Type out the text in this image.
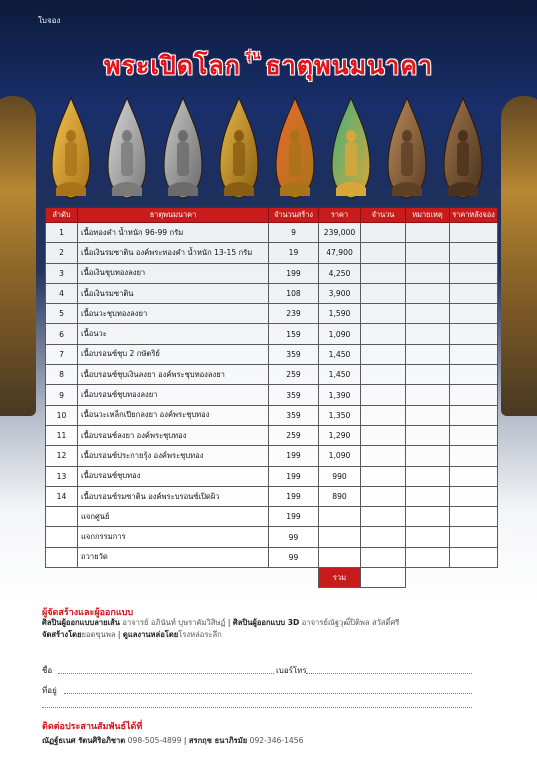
ใบจอง
พระเปิดโลก $^{รุ่น}$ ธาตุพนมนาคา
ลำดับ	ธาตุพนมนาคา	จำนวนสร้าง	ราคา	จำนวน	หมายเหตุ	ราคาหลังจอง
1	เนื้อทองคำ น้ำหนัก 96-99 กรัม	9	239,000			
2	เนื้อเงินรมซาติน องค์พระทองคำ น้ำหนัก 13-15 กรัม	19	47,900			
3	เนื้อเงินชุบทองลงยา	199	4,250			
4	เนื้อเงินรมซาติน	108	3,900			
5	เนื้อนวะชุบทองลงยา	239	1,590			
6	เนื้อนวะ	159	1,090			
7	เนื้อบรอนซ์ชุบ 2 กษัตริย์	359	1,450			
8	เนื้อบรอนซ์ชุบเงินลงยา องค์พระชุบทองลงยา	259	1,450			
9	เนื้อบรอนซ์ชุบทองลงยา	359	1,390			
10	เนื้อนวะเหล็กเปียกลงยา องค์พระชุบทอง	359	1,350			
11	เนื้อบรอนซ์ลงยา องค์พระชุบทอง	259	1,290			
12	เนื้อบรอนซ์ประกายรุ้ง องค์พระชุบทอง	199	1,090			
13	เนื้อบรอนซ์ชุบทอง	199	990			
14	เนื้อบรอนซ์รมซาติน องค์พระบรอนซ์เปิดผิว	199	890			
	แจกศูนย์	199				
	แจกกรรมการ	99				
	ถวายวัด	99				
			รวม			
ผู้จัดสร้างและผู้ออกแบบ
ศิลปินผู้ออกแบบลายเส้น อาจารย์ อภินันท์ บุษราคัมวิสิษฏ์ | ศิลปินผู้ออกแบบ 3D อาจารย์ณัฐวุฒิ์ปิติพล สวัสดิ์ศรี
จัดสร้างโดยยอดขุนพล | ดูแลงานหล่อโดยโรงหล่อระลึก
ชื่อ	เบอร์โทร
ที่อยู่
ติดต่อประสานสัมพันธ์ได้ที่
ณัฏฐ์ธเนศ รัตนศิริอภิชาต 098-505-4899 | สรกฤช ธนาภิรมัย 092-346-1456
